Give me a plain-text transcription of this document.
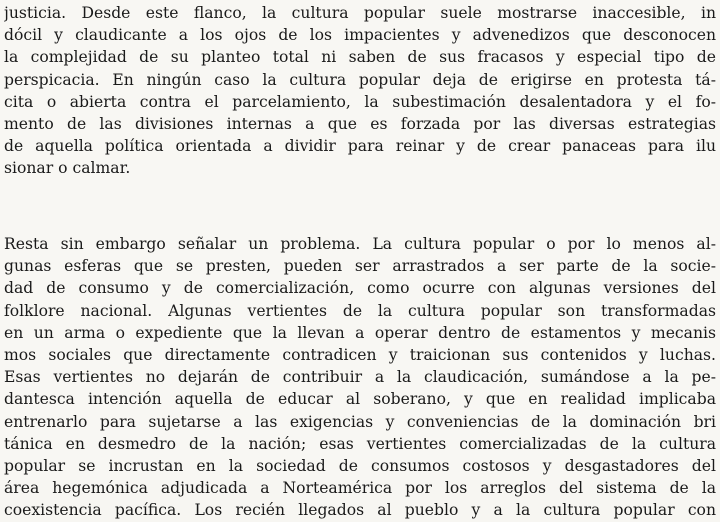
justicia. Desde este flanco, la cultura popular suele mostrarse inaccesible, in
dócil y claudicante a los ojos de los impacientes y advenedizos que desconocen
la complejidad de su planteo total ni saben de sus fracasos y especial tipo de
perspicacia. En ningún caso la cultura popular deja de erigirse en protesta tá-
cita o abierta contra el parcelamiento, la subestimación desalentadora y el fo-
mento de las divisiones internas a que es forzada por las diversas estrategias
de aquella política orientada a dividir para reinar y de crear panaceas para ilu
sionar o calmar.
Resta sin embargo señalar un problema. La cultura popular o por lo menos al-
gunas esferas que se presten, pueden ser arrastrados a ser parte de la socie-
dad de consumo y de comercialización, como ocurre con algunas versiones del
folklore nacional. Algunas vertientes de la cultura popular son transformadas
en un arma o expediente que la llevan a operar dentro de estamentos y mecanis
mos sociales que directamente contradicen y traicionan sus contenidos y luchas.
Esas vertientes no dejarán de contribuir a la claudicación, sumándose a la pe-
dantesca intención aquella de educar al soberano, y que en realidad implicaba
entrenarlo para sujetarse a las exigencias y conveniencias de la dominación bri
tánica en desmedro de la nación; esas vertientes comercializadas de la cultura
popular se incrustan en la sociedad de consumos costosos y desgastadores del
área hegemónica adjudicada a Norteamérica por los arreglos del sistema de la
coexistencia pacífica. Los recién llegados al pueblo y a la cultura popular con
